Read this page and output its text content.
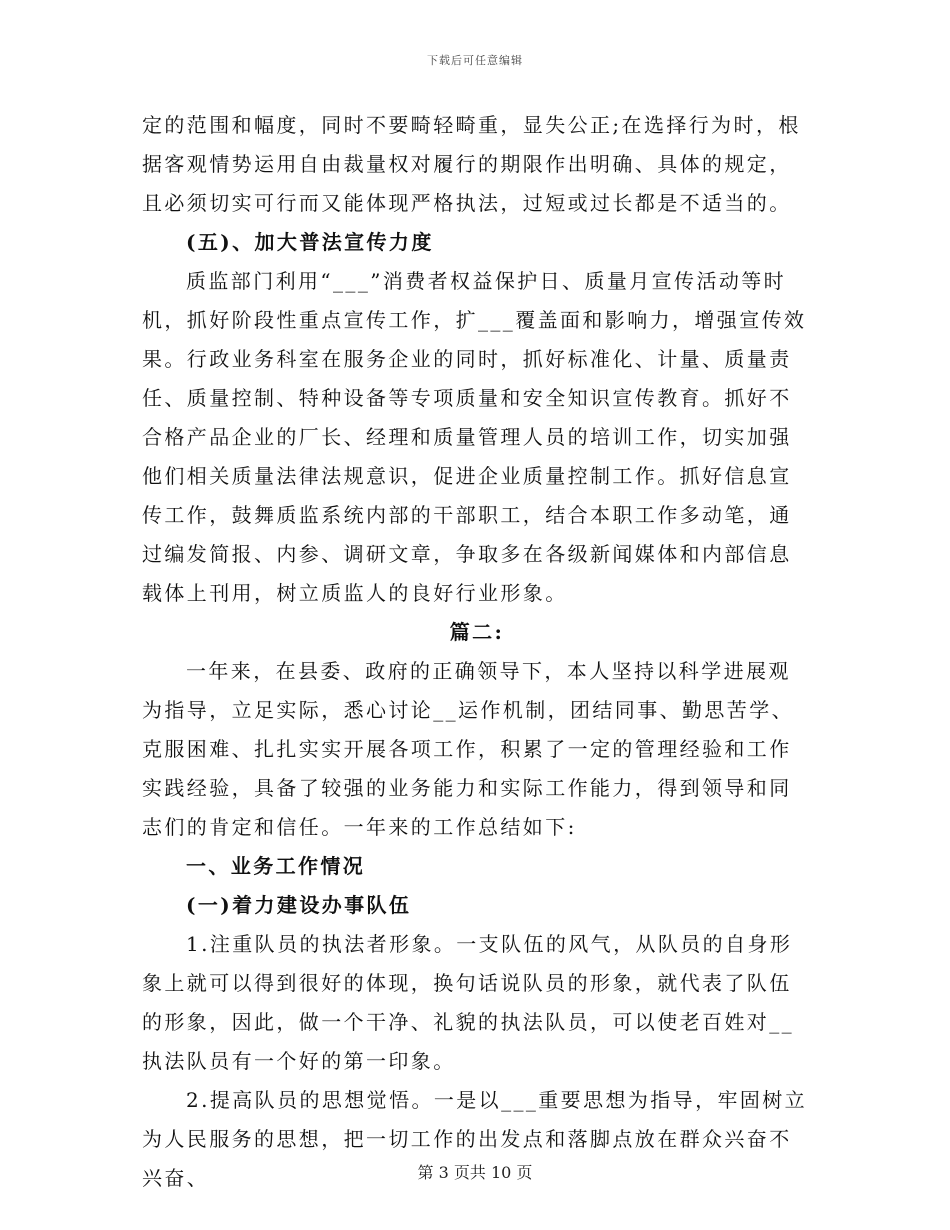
下载后可任意编辑

定的范围和幅度，同时不要畸轻畸重，显失公正;在选择行为时，根据客观情势运用自由裁量权对履行的期限作出明确、具体的规定，且必须切实可行而又能体现严格执法，过短或过长都是不适当的。

(五)、加大普法宣传力度

质监部门利用“___”消费者权益保护日、质量月宣传活动等时机，抓好阶段性重点宣传工作，扩___覆盖面和影响力，增强宣传效果。行政业务科室在服务企业的同时，抓好标准化、计量、质量责任、质量控制、特种设备等专项质量和安全知识宣传教育。抓好不合格产品企业的厂长、经理和质量管理人员的培训工作，切实加强他们相关质量法律法规意识，促进企业质量控制工作。抓好信息宣传工作，鼓舞质监系统内部的干部职工，结合本职工作多动笔，通过编发简报、内参、调研文章，争取多在各级新闻媒体和内部信息载体上刊用，树立质监人的良好行业形象。

篇二:

一年来，在县委、政府的正确领导下，本人坚持以科学进展观为指导，立足实际，悉心讨论__运作机制，团结同事、勤思苦学、克服困难、扎扎实实开展各项工作，积累了一定的管理经验和工作实践经验，具备了较强的业务能力和实际工作能力，得到领导和同志们的肯定和信任。一年来的工作总结如下:

一、业务工作情况

(一)着力建设办事队伍

1.注重队员的执法者形象。一支队伍的风气，从队员的自身形象上就可以得到很好的体现，换句话说队员的形象，就代表了队伍的形象，因此，做一个干净、礼貌的执法队员，可以使老百姓对__执法队员有一个好的第一印象。

2.提高队员的思想觉悟。一是以___重要思想为指导，牢固树立为人民服务的思想，把一切工作的出发点和落脚点放在群众兴奋不兴奋、	第 3 页共 10 页
